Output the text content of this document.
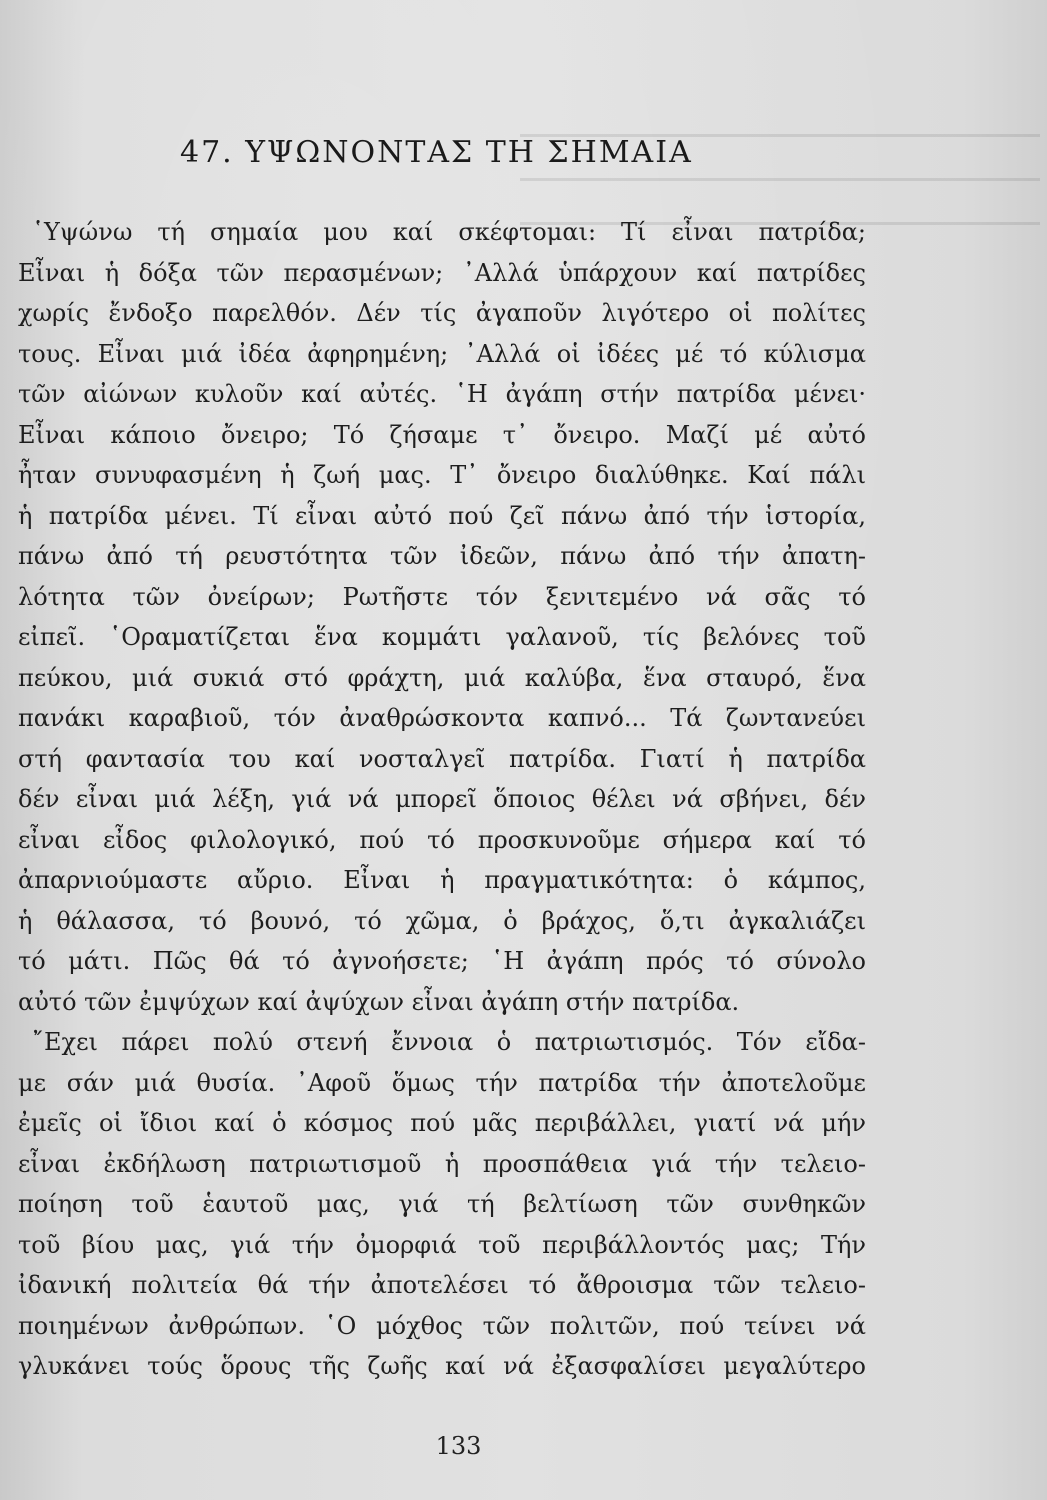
47. ΥΨΩΝΟΝΤΑΣ ΤΗ ΣΗΜΑΙΑ
῾Υψώνω τή σημαία μου καί σκέφτομαι: Τί εἶναι πατρίδα;
Εἶναι ἡ δόξα τῶν περασμένων; ᾿Αλλά ὑπάρχουν καί πατρίδες
χωρίς ἔνδοξο παρελθόν. Δέν τίς ἀγαποῦν λιγότερο οἱ πολίτες
τους. Εἶναι μιά ἰδέα ἀφηρημένη; ᾿Αλλά οἱ ἰδέες μέ τό κύλισμα
τῶν αἰώνων κυλοῦν καί αὐτές. ῾Η ἀγάπη στήν πατρίδα μένει·
Εἶναι κάποιο ὄνειρο; Τό ζήσαμε τ᾿ ὄνειρο. Μαζί μέ αὐτό
ἦταν συνυφασμένη ἡ ζωή μας. Τ᾿ ὄνειρο διαλύθηκε. Καί πάλι
ἡ πατρίδα μένει. Τί εἶναι αὐτό πού ζεῖ πάνω ἀπό τήν ἱστορία,
πάνω ἀπό τή ρευστότητα τῶν ἰδεῶν, πάνω ἀπό τήν ἀπατη-
λότητα τῶν ὀνείρων; Ρωτῆστε τόν ξενιτεμένο νά σᾶς τό
εἰπεῖ. ῾Οραματίζεται ἕνα κομμάτι γαλανοῦ, τίς βελόνες τοῦ
πεύκου, μιά συκιά στό φράχτη, μιά καλύβα, ἕνα σταυρό, ἕνα
πανάκι καραβιοῦ, τόν ἀναθρώσκοντα καπνό... Τά ζωντανεύει
στή φαντασία του καί νοσταλγεῖ πατρίδα. Γιατί ἡ πατρίδα
δέν εἶναι μιά λέξη, γιά νά μπορεῖ ὅποιος θέλει νά σβήνει, δέν
εἶναι εἶδος φιλολογικό, πού τό προσκυνοῦμε σήμερα καί τό
ἀπαρνιούμαστε αὔριο. Εἶναι ἡ πραγματικότητα: ὁ κάμπος,
ἡ θάλασσα, τό βουνό, τό χῶμα, ὁ βράχος, ὅ,τι ἀγκαλιάζει
τό μάτι. Πῶς θά τό ἀγνοήσετε; ῾Η ἀγάπη πρός τό σύνολο
αὐτό τῶν ἐμψύχων καί ἀψύχων εἶναι ἀγάπη στήν πατρίδα.
῎Εχει πάρει πολύ στενή ἔννοια ὁ πατριωτισμός. Τόν εἴδα-
με σάν μιά θυσία. ᾿Αφοῦ ὅμως τήν πατρίδα τήν ἀποτελοῦμε
ἐμεῖς οἱ ἴδιοι καί ὁ κόσμος πού μᾶς περιβάλλει, γιατί νά μήν
εἶναι ἐκδήλωση πατριωτισμοῦ ἡ προσπάθεια γιά τήν τελειο-
ποίηση τοῦ ἑαυτοῦ μας, γιά τή βελτίωση τῶν συνθηκῶν
τοῦ βίου μας, γιά τήν ὀμορφιά τοῦ περιβάλλοντός μας; Τήν
ἰδανική πολιτεία θά τήν ἀποτελέσει τό ἄθροισμα τῶν τελειο-
ποιημένων ἀνθρώπων. ῾Ο μόχθος τῶν πολιτῶν, πού τείνει νά
γλυκάνει τούς ὅρους τῆς ζωῆς καί νά ἐξασφαλίσει μεγαλύτερο
133
